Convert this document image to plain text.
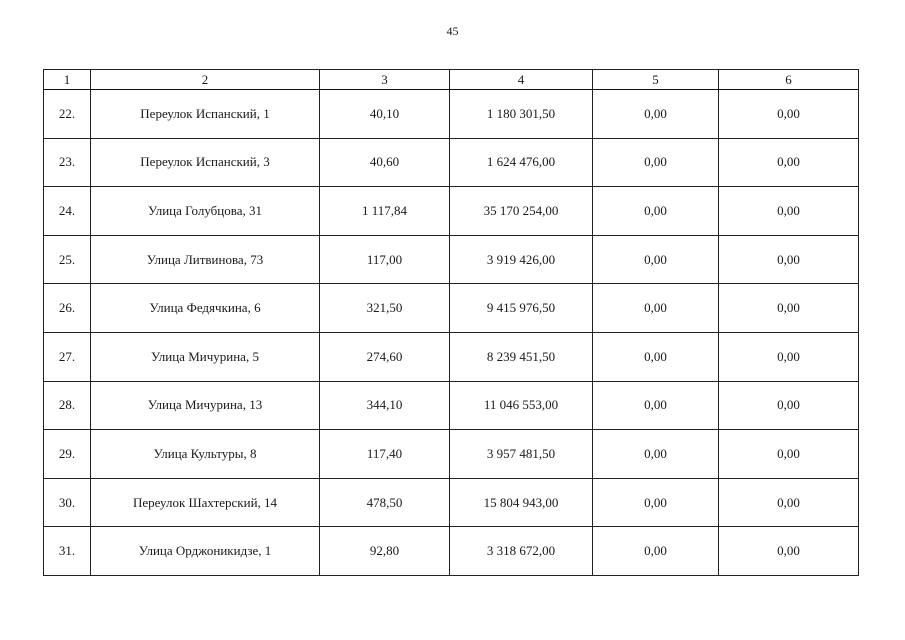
45
1	2	3	4	5	6
22.	Переулок Испанский, 1	40,10	1 180 301,50	0,00	0,00
23.	Переулок Испанский, 3	40,60	1 624 476,00	0,00	0,00
24.	Улица Голубцова, 31	1 117,84	35 170 254,00	0,00	0,00
25.	Улица Литвинова, 73	117,00	3 919 426,00	0,00	0,00
26.	Улица Федячкина, 6	321,50	9 415 976,50	0,00	0,00
27.	Улица Мичурина, 5	274,60	8 239 451,50	0,00	0,00
28.	Улица Мичурина, 13	344,10	11 046 553,00	0,00	0,00
29.	Улица Культуры, 8	117,40	3 957 481,50	0,00	0,00
30.	Переулок Шахтерский, 14	478,50	15 804 943,00	0,00	0,00
31.	Улица Орджоникидзе, 1	92,80	3 318 672,00	0,00	0,00
